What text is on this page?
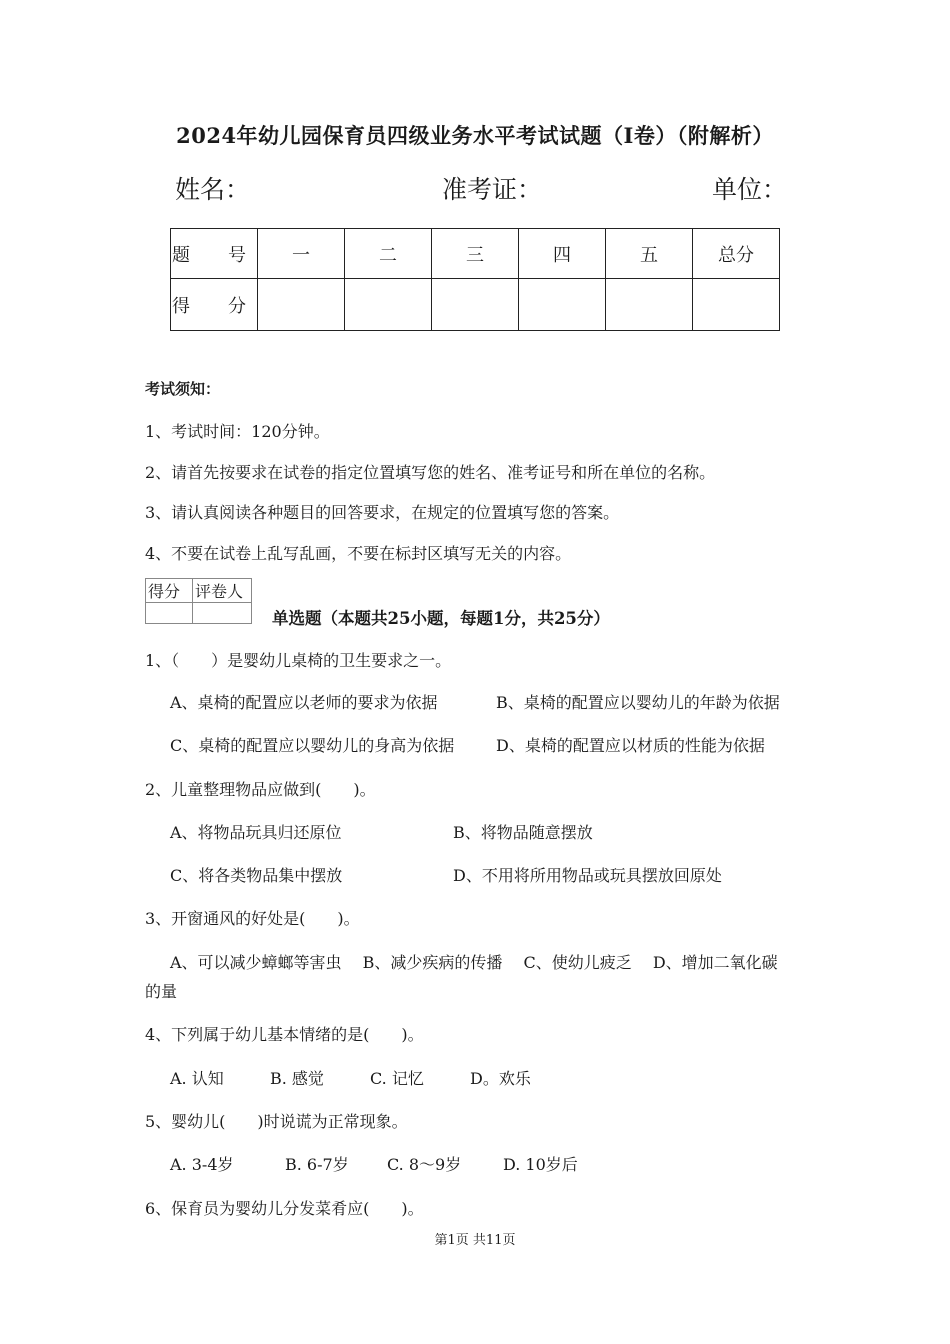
2024年幼儿园保育员四级业务水平考试试题（I卷）（附解析）
姓名：	准考证：	单位：
题　号	一	二	三	四	五	总分
得　分						
考试须知：
1、考试时间：120分钟。
2、请首先按要求在试卷的指定位置填写您的姓名、准考证号和所在单位的名称。
3、请认真阅读各种题目的回答要求，在规定的位置填写您的答案。
4、不要在试卷上乱写乱画，不要在标封区填写无关的内容。
得分	评卷人

单选题（本题共25小题，每题1分，共25分）
1、（　　）是婴幼儿桌椅的卫生要求之一。
A、桌椅的配置应以老师的要求为依据	B、桌椅的配置应以婴幼儿的年龄为依据
C、桌椅的配置应以婴幼儿的身高为依据	D、桌椅的配置应以材质的性能为依据
2、儿童整理物品应做到(　　)。
A、将物品玩具归还原位	B、将物品随意摆放
C、将各类物品集中摆放	D、不用将所用物品或玩具摆放回原处
3、开窗通风的好处是(　　)。
A、可以减少蟑螂等害虫　 B、减少疾病的传播　 C、使幼儿疲乏　 D、增加二氧化碳
的量
4、下列属于幼儿基本情绪的是(　　)。
A. 认知	B. 感觉	C. 记忆	D。欢乐
5、婴幼儿(　　)时说谎为正常现象。
A. 3-4岁	B. 6-7岁 C. 8～9岁	D. 10岁后
6、保育员为婴幼儿分发菜肴应(　　)。
第1页 共11页
